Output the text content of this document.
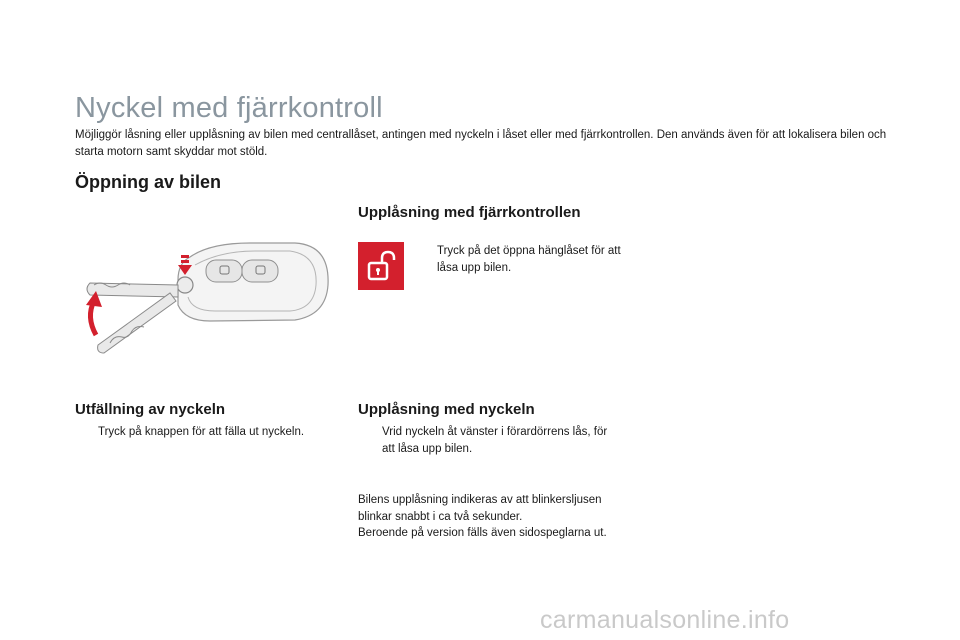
Nyckel med fjärrkontroll
Möjliggör låsning eller upplåsning av bilen med centrallåset, antingen med nyckeln i låset eller med fjärrkontrollen. Den används även för att lokalisera bilen och starta motorn samt skyddar mot stöld.
Öppning av bilen
Upplåsning med fjärrkontrollen
Tryck på det öppna hänglåset för att låsa upp bilen.
Utfällning av nyckeln
Tryck på knappen för att fälla ut nyckeln.
Upplåsning med nyckeln
Vrid nyckeln åt vänster i förardörrens lås, för att låsa upp bilen.
Bilens upplåsning indikeras av att blinkersljusen blinkar snabbt i ca två sekunder.
Beroende på version fälls även sidospeglarna ut.
carmanualsonline.info
